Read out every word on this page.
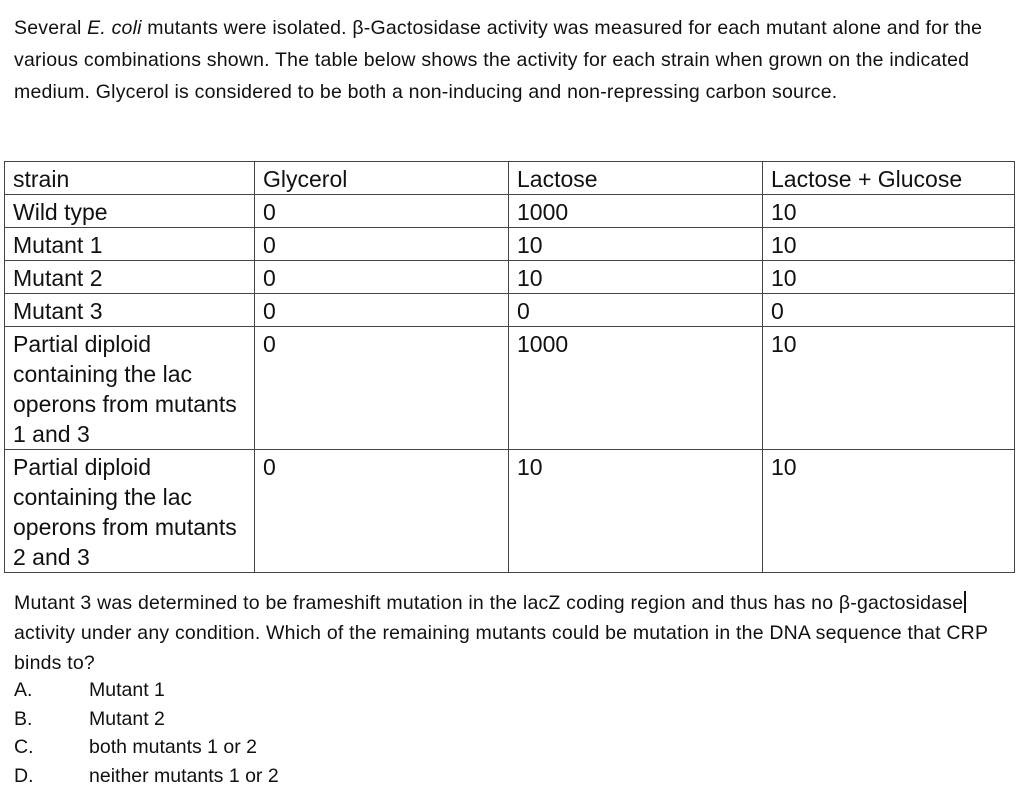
Several E. coli mutants were isolated. β-Gactosidase activity was measured for each mutant alone and for the various combinations shown. The table below shows the activity for each strain when grown on the indicated medium. Glycerol is considered to be both a non-inducing and non-repressing carbon source.
strain	Glycerol	Lactose	Lactose + Glucose
Wild type	0	1000	10
Mutant 1	0	10	10
Mutant 2	0	10	10
Mutant 3	0	0	0
Partial diploid containing the lac operons from mutants 1 and 3	0	1000	10
Partial diploid containing the lac operons from mutants 2 and 3	0	10	10
Mutant 3 was determined to be frameshift mutation in the lacZ coding region and thus has no β-gactosidaseactivity under any condition. Which of the remaining mutants could be mutation in the DNA sequence that CRP binds to?
A.	Mutant 1
B.	Mutant 2
C.	both mutants 1 or 2
D.	neither mutants 1 or 2
